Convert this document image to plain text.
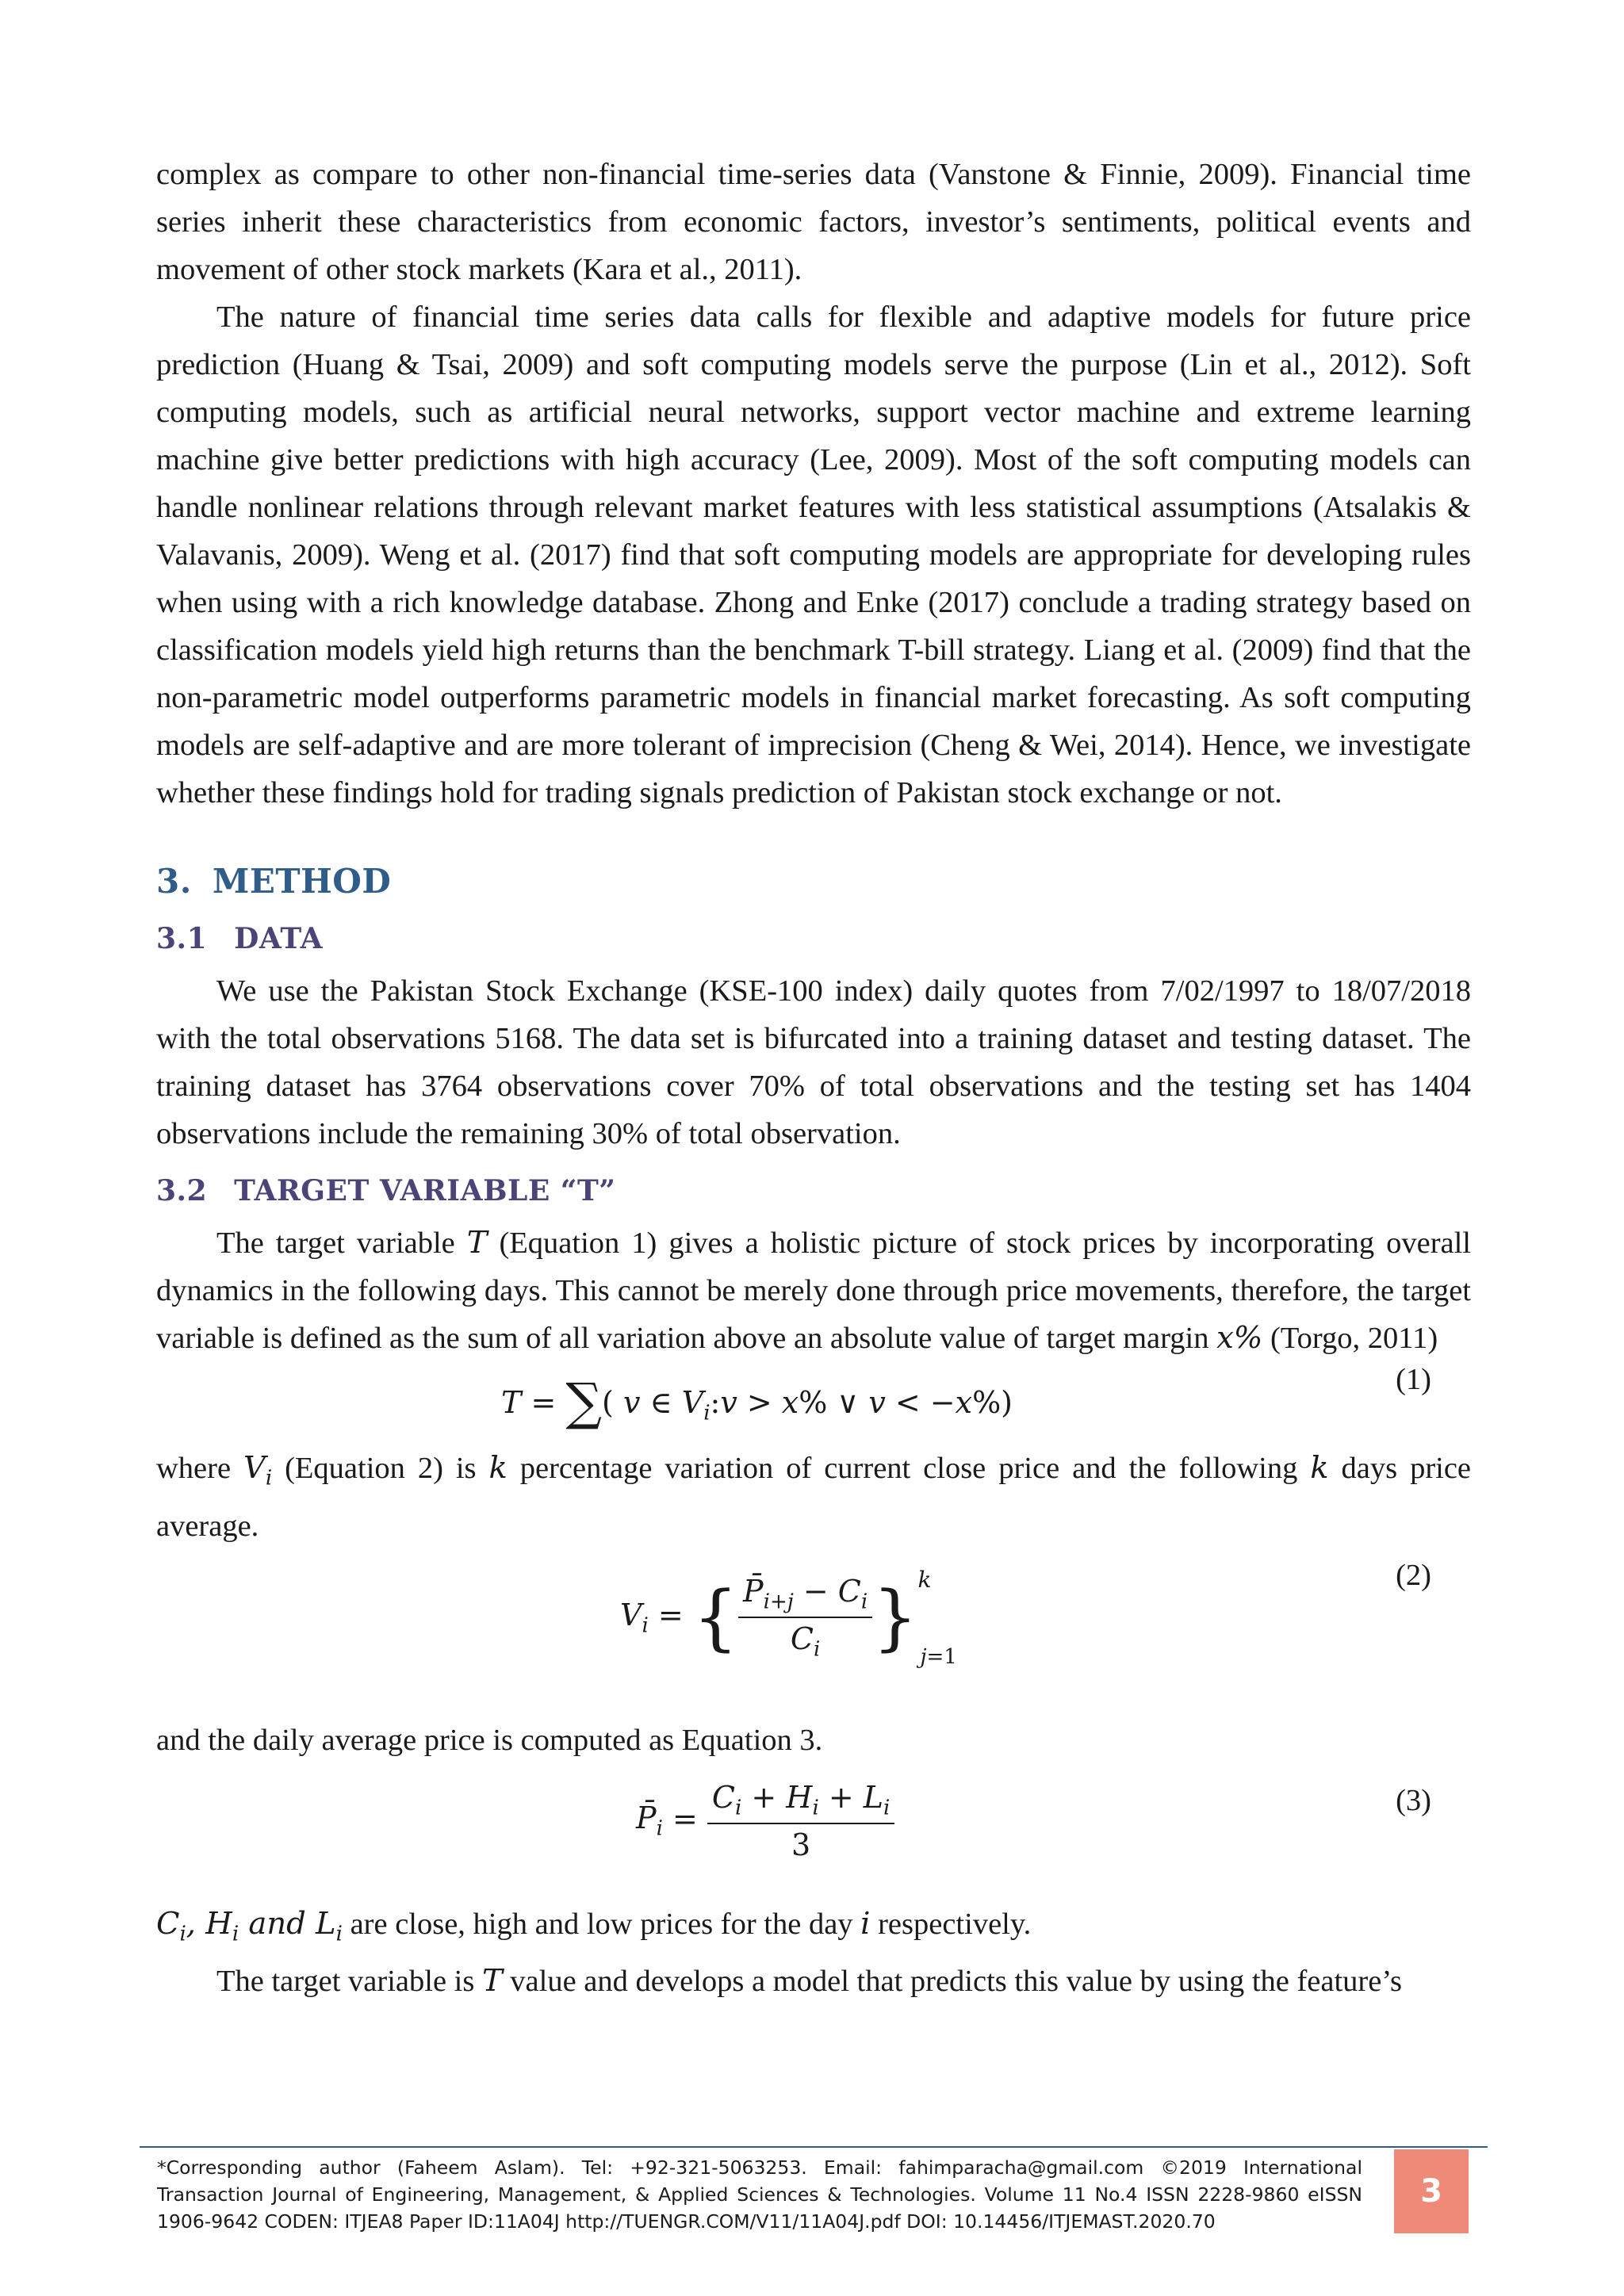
complex as compare to other non-financial time-series data (Vanstone & Finnie, 2009). Financial time series inherit these characteristics from economic factors, investor’s sentiments, political events and movement of other stock markets (Kara et al., 2011).

The nature of financial time series data calls for flexible and adaptive models for future price prediction (Huang & Tsai, 2009) and soft computing models serve the purpose (Lin et al., 2012). Soft computing models, such as artificial neural networks, support vector machine and extreme learning machine give better predictions with high accuracy (Lee, 2009). Most of the soft computing models can handle nonlinear relations through relevant market features with less statistical assumptions (Atsalakis & Valavanis, 2009). Weng et al. (2017) find that soft computing models are appropriate for developing rules when using with a rich knowledge database. Zhong and Enke (2017) conclude a trading strategy based on classification models yield high returns than the benchmark T-bill strategy. Liang et al. (2009) find that the non-parametric model outperforms parametric models in financial market forecasting. As soft computing models are self-adaptive and are more tolerant of imprecision (Cheng & Wei, 2014). Hence, we investigate whether these findings hold for trading signals prediction of Pakistan stock exchange or not.

3. METHOD
3.1 DATA

We use the Pakistan Stock Exchange (KSE-100 index) daily quotes from 7/02/1997 to 18/07/2018 with the total observations 5168. The data set is bifurcated into a training dataset and testing dataset. The training dataset has 3764 observations cover 70% of total observations and the testing set has 1404 observations include the remaining 30% of total observation.

3.2 TARGET VARIABLE “T”

The target variable T (Equation 1) gives a holistic picture of stock prices by incorporating overall dynamics in the following days. This cannot be merely done through price movements, therefore, the target variable is defined as the sum of all variation above an absolute value of target margin x% (Torgo, 2011)

T = ∑( v ∈ $V_i:v > x\%$ ∨ v < −x%)
(1)

where $V_i$ (Equation 2) is k percentage variation of current close price and the following k days price average.

$V_i$ = { $\frac{P̄_{i+j} - C_i}{C_i} \}^k_{j=1}$
(2)

and the daily average price is computed as Equation 3.

$P̄_i = \frac{C_i + H_i + L_i}{3}$	(3)

$C_i$, $H_i$ and $L_i$ are close, high and low prices for the day i respectively.

The target variable is T value and develops a model that predicts this value by using the feature’s

*Corresponding author (Faheem Aslam). Tel: +92-321-5063253. Email: fahimparacha@gmail.com ©2019 International Transaction Journal of Engineering, Management, & Applied Sciences & Technologies. Volume 11 No.4 ISSN 2228-9860 eISSN 1906-9642 CODEN: ITJEA8 Paper ID:11A04J http://TUENGR.COM/V11/11A04J.pdf DOI: 10.14456/ITJEMAST.2020.70
3
